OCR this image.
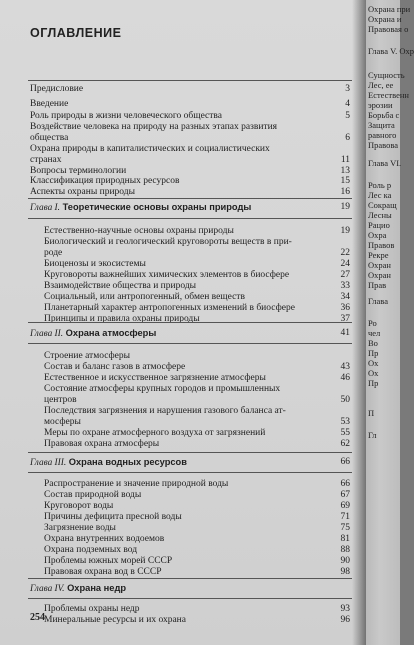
ОГЛАВЛЕНИЕ
Предисловие	3
Введение	4
Роль природы в жизни человеческого общества	5
Воздействие человека на природу на разных этапах развития
общества	6
Охрана природы в капиталистических и социалистических
странах	11
Вопросы терминологии	13
Классификация природных ресурсов	15
Аспекты охраны природы	16
Глава I. Теоретические основы охраны природы	19
Естественно-научные основы охраны природы	19
Биологический и геологический круговороты веществ в при-
роде	22
Биоценозы и экосистемы	24
Круговороты важнейших химических элементов в биосфере	27
Взаимодействие общества и природы	33
Социальный, или антропогенный, обмен веществ	34
Планетарный характер антропогенных изменений в биосфере	36
Принципы и правила охраны природы	37
Глава II. Охрана атмосферы	41
Строение атмосферы
Состав и баланс газов в атмосфере	43
Естественное и искусственное загрязнение атмосферы	46
Состояние атмосферы крупных городов и промышленных
центров	50
Последствия загрязнения и нарушения газового баланса ат-
мосферы	53
Меры по охране атмосферного воздуха от загрязнений	55
Правовая охрана атмосферы	62
Глава III. Охрана водных ресурсов	66
Распространение и значение природной воды	66
Состав природной воды	67
Круговорот воды	69
Причины дефицита пресной воды	71
Загрязнение воды	75
Охрана внутренних водоемов	81
Охрана подземных вод	88
Проблемы южных морей СССР	90
Правовая охрана вод в СССР	98
Глава IV. Охрана недр
Проблемы охраны недр	93
Минеральные ресурсы и их охрана	96
254
Охрана при
Охрана и
Правовая о
Глава V. Охр
Сущность
Лес, ее
Естественн
эрозии
Борьба с
Защита
равного
Правова
Глава VI.
Роль р
Лес ка
Сокращ
Лесны
Рацио
Охра
Правов
Рекре
Охран
Охран
Прав
Глава
Ро
чел
Во
Пр
Ох
Ох
Пр
П
Гл
